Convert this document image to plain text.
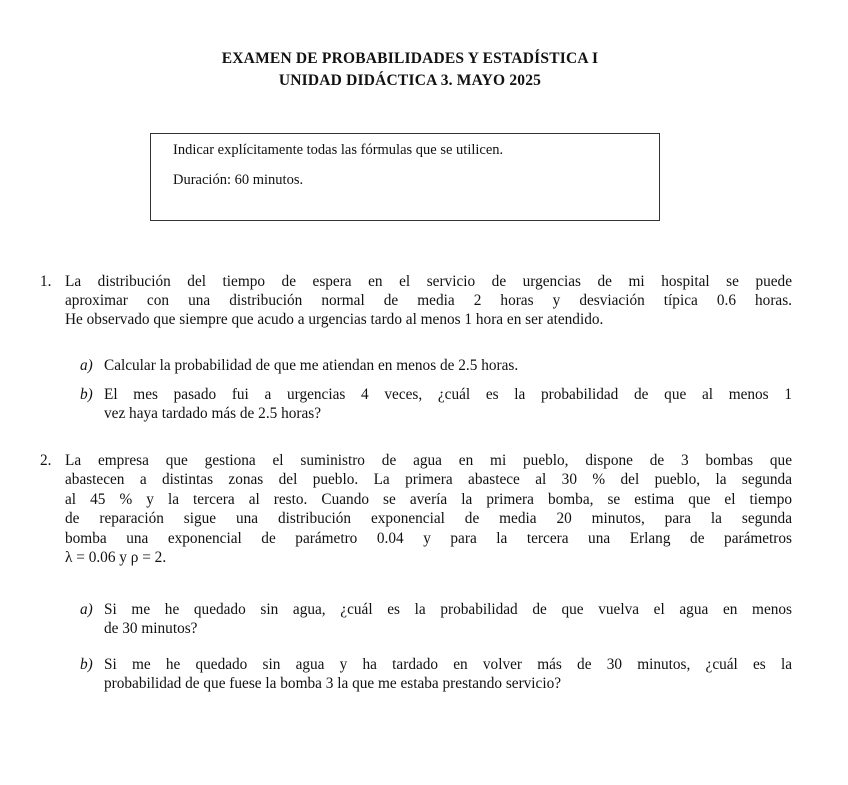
EXAMEN DE PROBABILIDADES Y ESTADÍSTICA I
UNIDAD DIDÁCTICA 3. MAYO 2025
Indicar explícitamente todas las fórmulas que se utilicen.
Duración: 60 minutos.
1. La distribución del tiempo de espera en el servicio de urgencias de mi hospital se puede
aproximar con una distribución normal de media 2 horas y desviación típica 0.6 horas.
He observado que siempre que acudo a urgencias tardo al menos 1 hora en ser atendido.
a) Calcular la probabilidad de que me atiendan en menos de 2.5 horas.
b) El mes pasado fui a urgencias 4 veces, ¿cuál es la probabilidad de que al menos 1
vez haya tardado más de 2.5 horas?
2. La empresa que gestiona el suministro de agua en mi pueblo, dispone de 3 bombas que
abastecen a distintas zonas del pueblo. La primera abastece al 30 % del pueblo, la segunda
al 45 % y la tercera al resto. Cuando se avería la primera bomba, se estima que el tiempo
de reparación sigue una distribución exponencial de media 20 minutos, para la segunda
bomba una exponencial de parámetro 0.04 y para la tercera una Erlang de parámetros
λ = 0.06 y ρ = 2.
a) Si me he quedado sin agua, ¿cuál es la probabilidad de que vuelva el agua en menos
de 30 minutos?
b) Si me he quedado sin agua y ha tardado en volver más de 30 minutos, ¿cuál es la
probabilidad de que fuese la bomba 3 la que me estaba prestando servicio?
